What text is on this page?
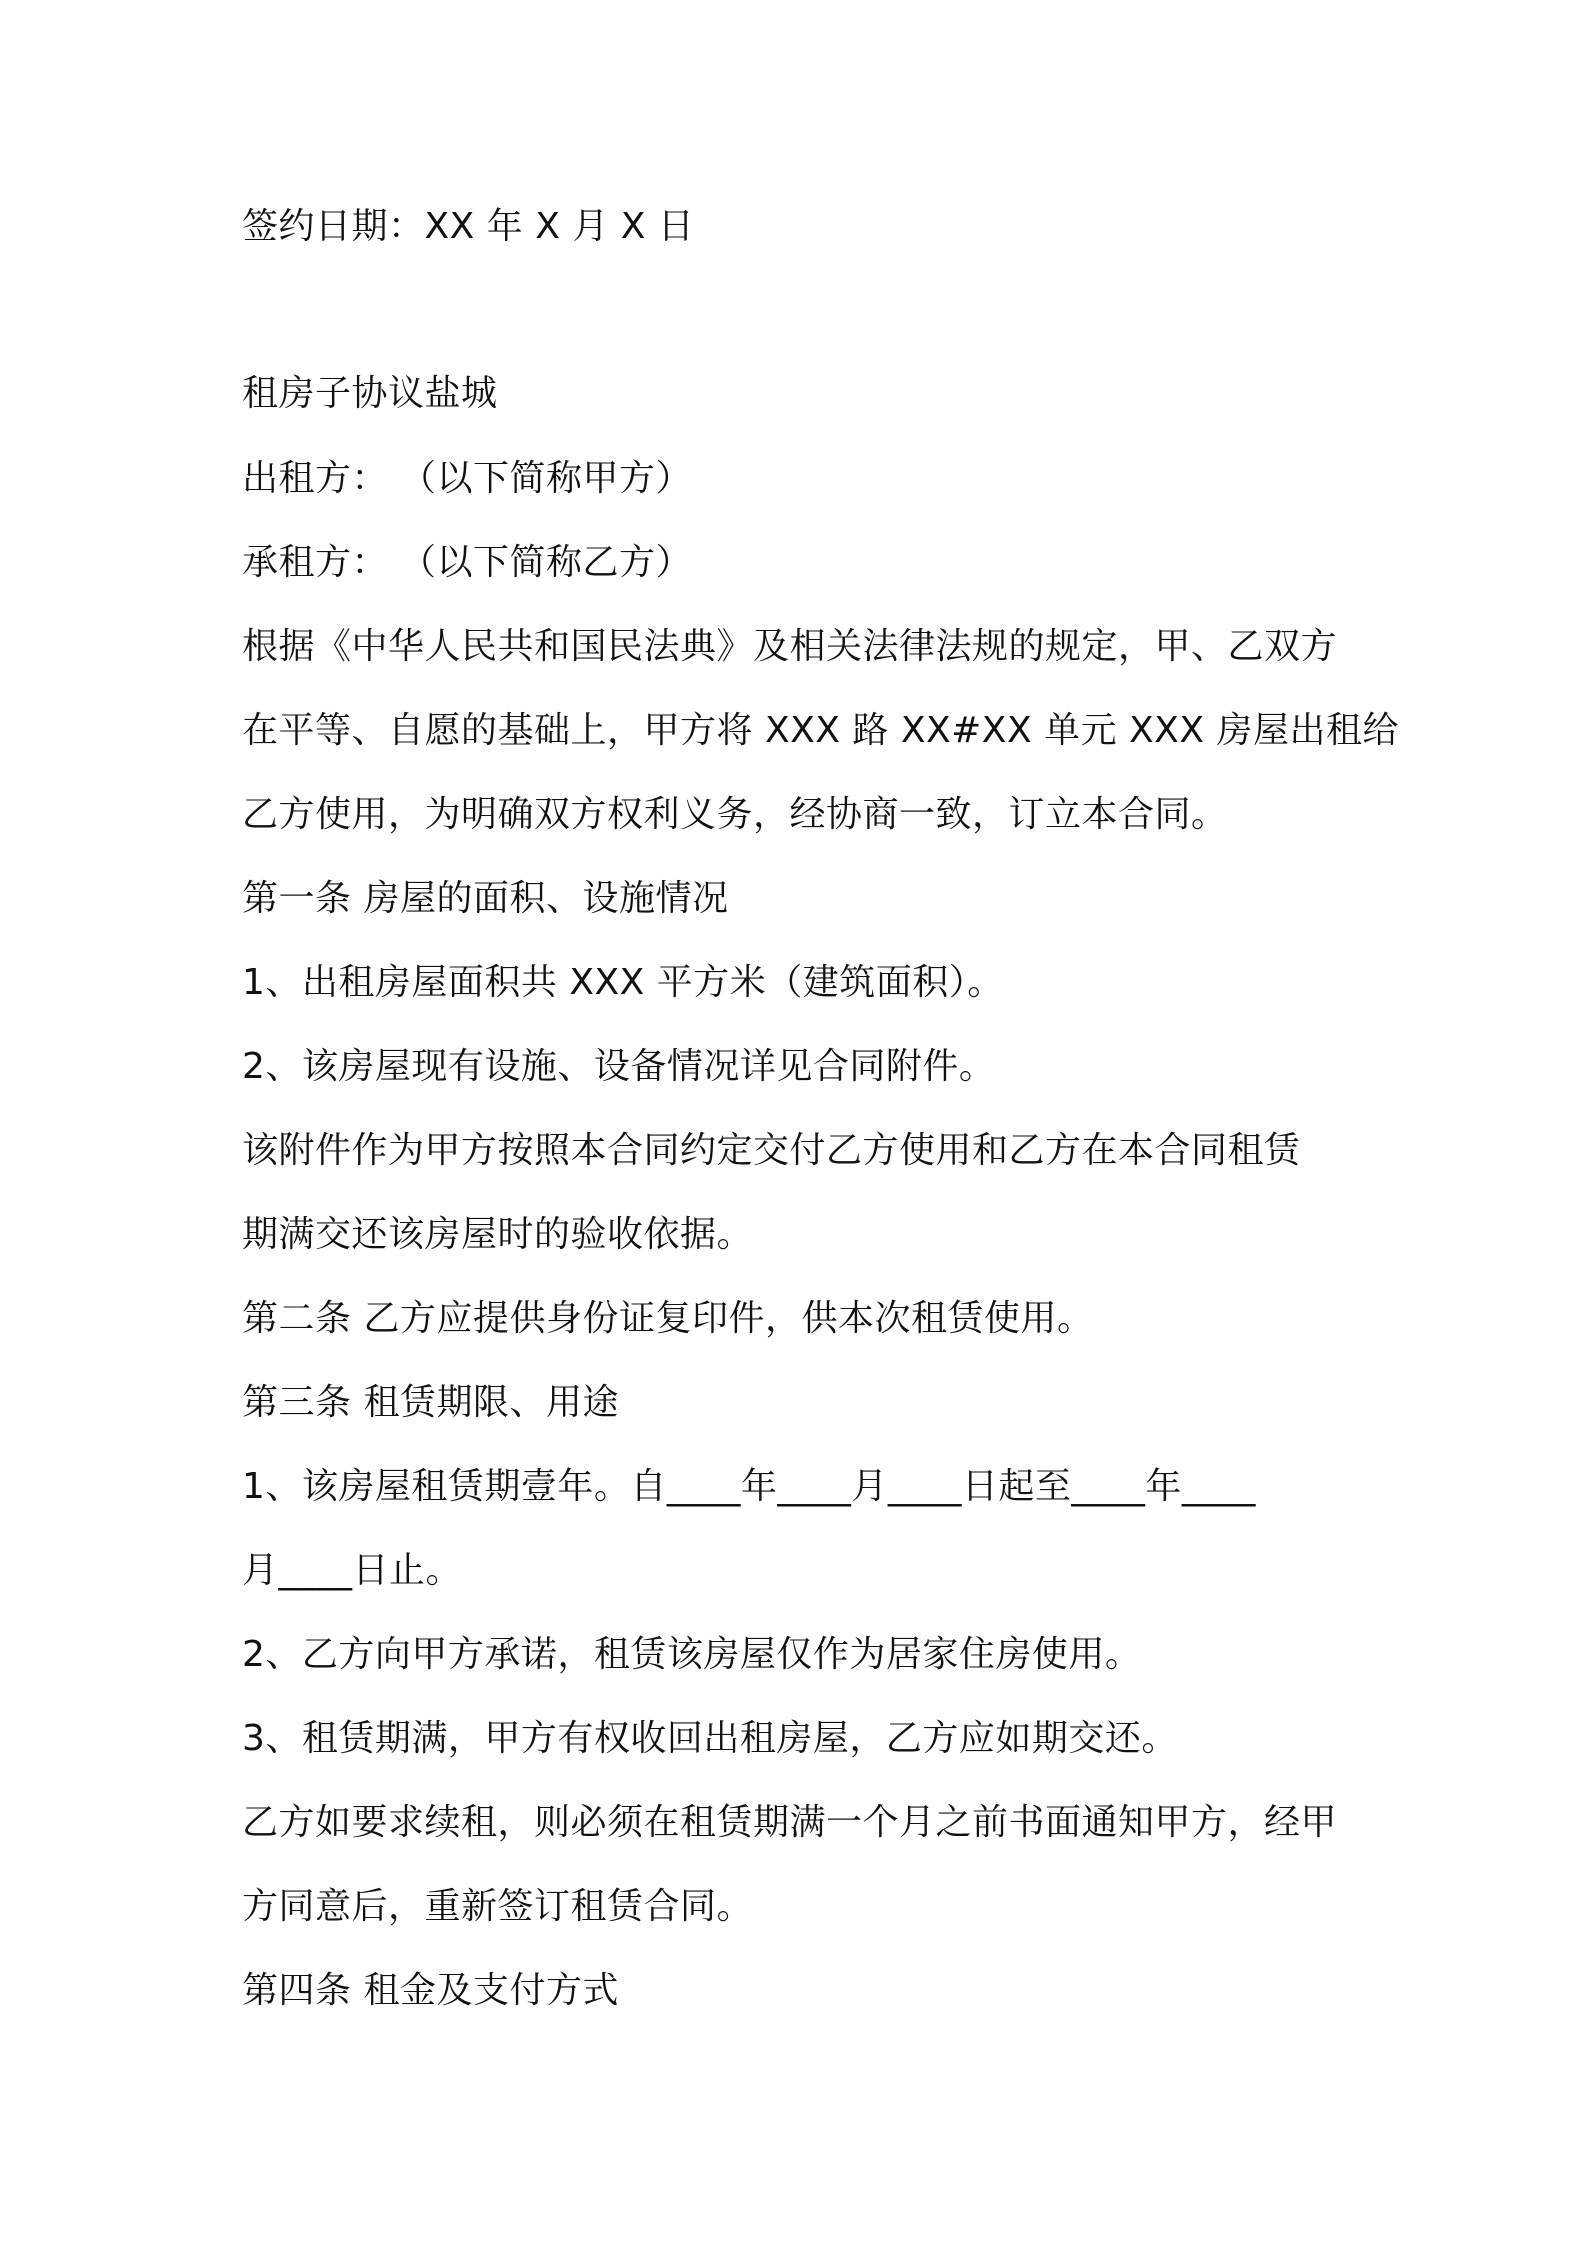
签约日期：XX 年 X 月 X 日
租房子协议盐城
出租方： （以下简称甲方）
承租方： （以下简称乙方）
根据《中华人民共和国民法典》及相关法律法规的规定，甲、乙双方
在平等、自愿的基础上，甲方将 XXX 路 XX#XX 单元 XXX 房屋出租给
乙方使用，为明确双方权利义务，经协商一致，订立本合同。
第一条 房屋的面积、设施情况
1、出租房屋面积共 XXX 平方米（建筑面积）。
2、该房屋现有设施、设备情况详见合同附件。
该附件作为甲方按照本合同约定交付乙方使用和乙方在本合同租赁
期满交还该房屋时的验收依据。
第二条 乙方应提供身份证复印件，供本次租赁使用。
第三条 租赁期限、用途
1、该房屋租赁期壹年。自____年____月____日起至____年____
月____日止。
2、乙方向甲方承诺，租赁该房屋仅作为居家住房使用。
3、租赁期满，甲方有权收回出租房屋，乙方应如期交还。
乙方如要求续租，则必须在租赁期满一个月之前书面通知甲方，经甲
方同意后，重新签订租赁合同。
第四条 租金及支付方式
